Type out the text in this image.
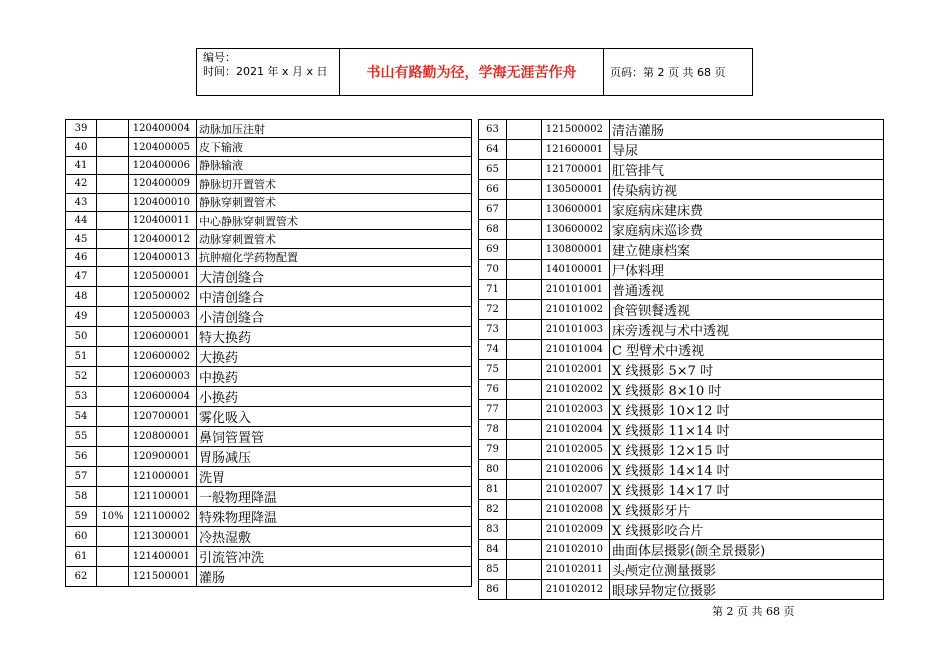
编号：
时间：2021 年 x 月 x 日	书山有路勤为径，学海无涯苦作舟	页码：第 2 页 共 68 页
39		120400004	动脉加压注射
40		120400005	皮下输液
41		120400006	静脉输液
42		120400009	静脉切开置管术
43		120400010	静脉穿刺置管术
44		120400011	中心静脉穿刺置管术
45		120400012	动脉穿刺置管术
46		120400013	抗肿瘤化学药物配置
47		120500001	大清创缝合
48		120500002	中清创缝合
49		120500003	小清创缝合
50		120600001	特大换药
51		120600002	大换药
52		120600003	中换药
53		120600004	小换药
54		120700001	雾化吸入
55		120800001	鼻饲管置管
56		120900001	胃肠减压
57		121000001	洗胃
58		121100001	一般物理降温
59	10%	121100002	特殊物理降温
60		121300001	冷热湿敷
61		121400001	引流管冲洗
62		121500001	灌肠
63		121500002	清洁灌肠
64		121600001	导尿
65		121700001	肛管排气
66		130500001	传染病访视
67		130600001	家庭病床建床费
68		130600002	家庭病床巡诊费
69		130800001	建立健康档案
70		140100001	尸体料理
71		210101001	普通透视
72		210101002	食管钡餐透视
73		210101003	床旁透视与术中透视
74		210101004	C 型臂术中透视
75		210102001	X 线摄影 5×7 吋
76		210102002	X 线摄影 8×10 吋
77		210102003	X 线摄影 10×12 吋
78		210102004	X 线摄影 11×14 吋
79		210102005	X 线摄影 12×15 吋
80		210102006	X 线摄影 14×14 吋
81		210102007	X 线摄影 14×17 吋
82		210102008	X 线摄影牙片
83		210102009	X 线摄影咬合片
84		210102010	曲面体层摄影(颌全景摄影)
85		210102011	头颅定位测量摄影
86		210102012	眼球异物定位摄影
第 2 页 共 68 页
